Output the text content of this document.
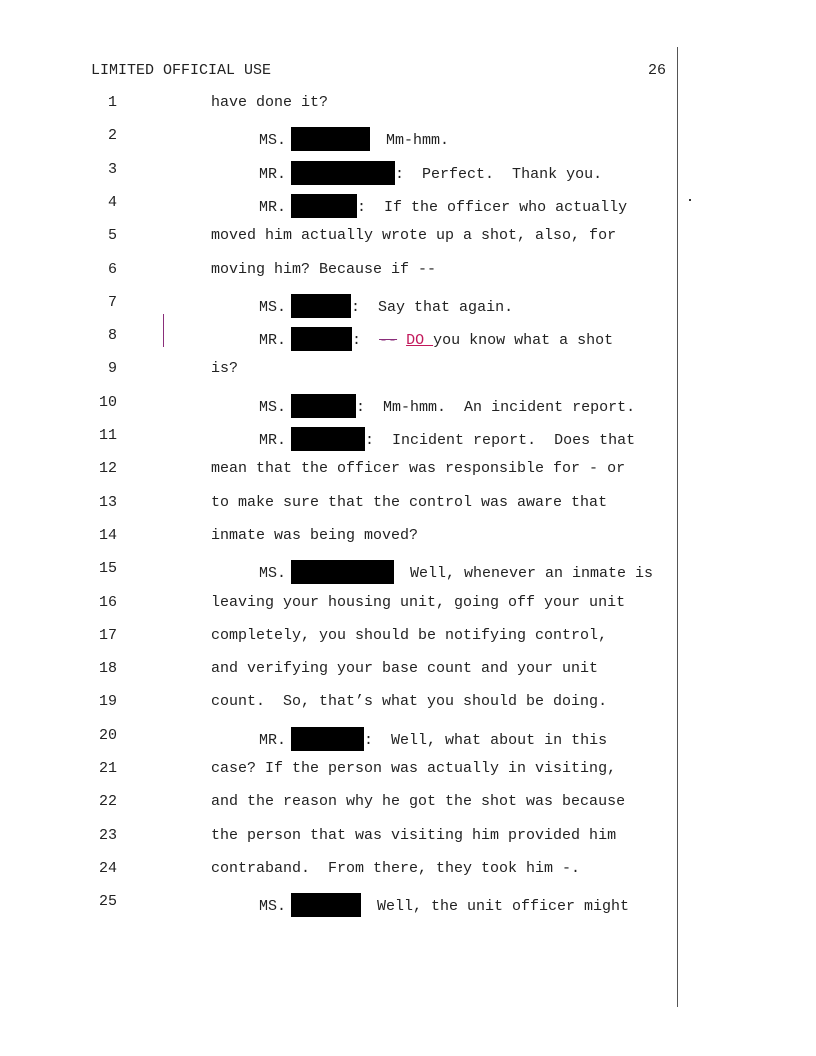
LIMITED OFFICIAL USE	26
1	have done it?
2	MS.	Mm-hmm.
3	MR.	: Perfect.  Thank you.
4	MR.	: If the officer who actually
5	moved him actually wrote up a shot, also, for
6	moving him? Because if --
7	MS.	: Say that again.
8	MR.	: -- DO you know what a shot
9	is?
10	MS.	: Mm-hmm.  An incident report.
11	MR.	: Incident report.  Does that
12	mean that the officer was responsible for - or
13	to make sure that the control was aware that
14	inmate was being moved?
15	MS.	Well, whenever an inmate is
16	leaving your housing unit, going off your unit
17	completely, you should be notifying control,
18	and verifying your base count and your unit
19	count.  So, that’s what you should be doing.
20	MR.	: Well, what about in this
21	case? If the person was actually in visiting,
22	and the reason why he got the shot was because
23	the person that was visiting him provided him
24	contraband.  From there, they took him -.
25	MS.	Well, the unit officer might
